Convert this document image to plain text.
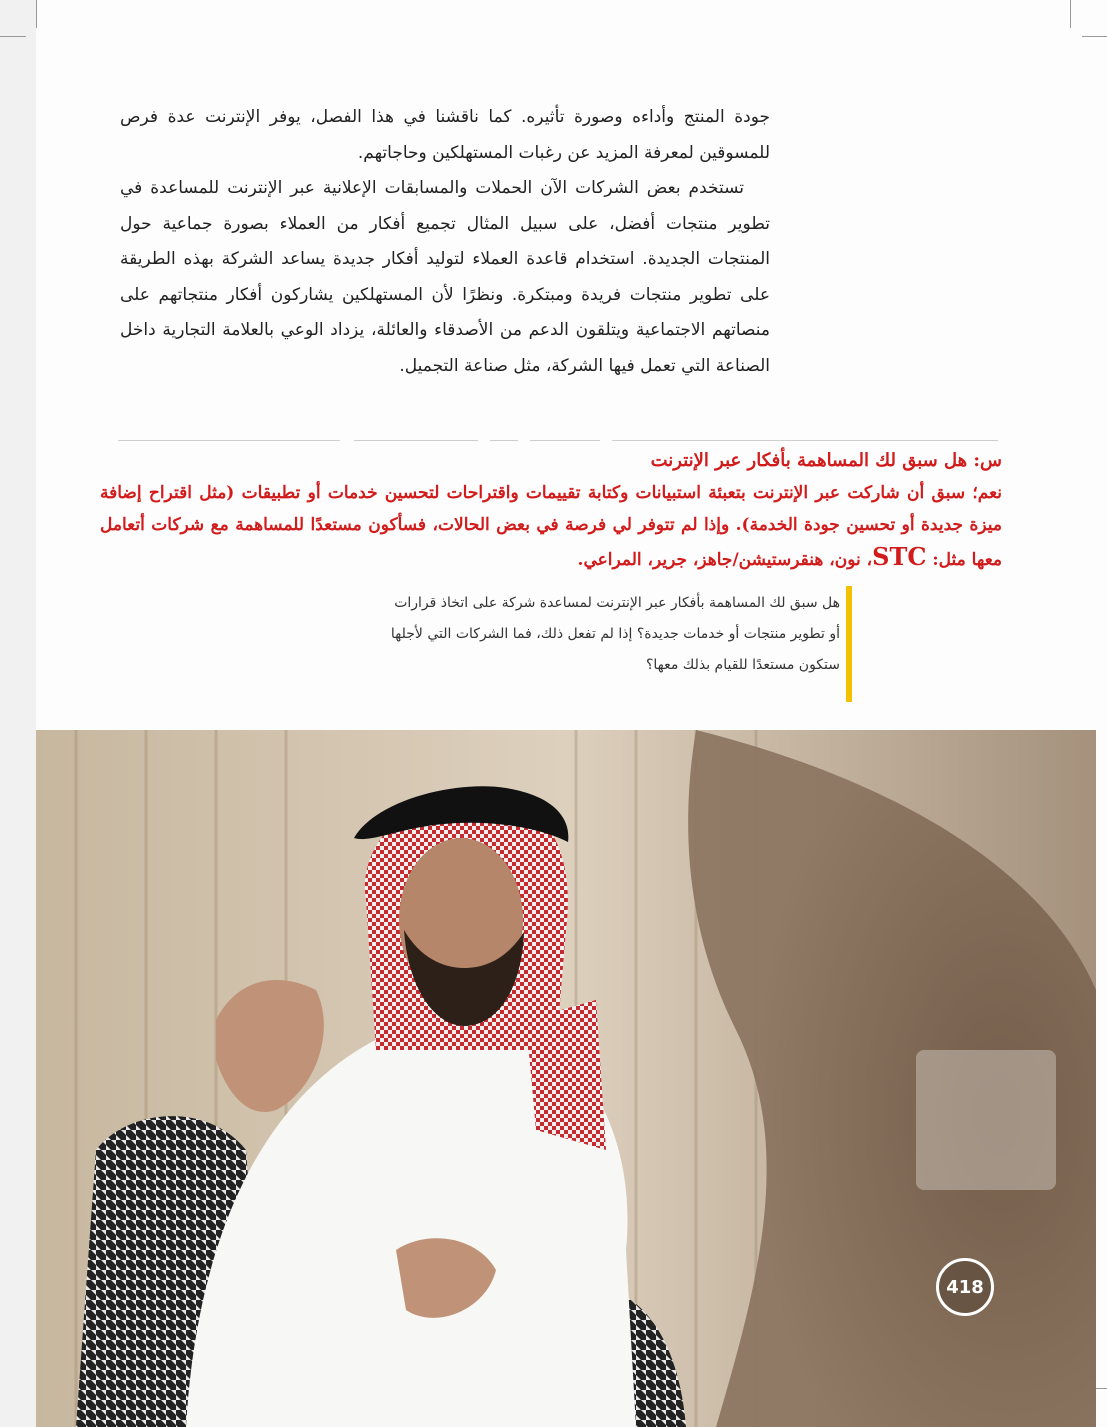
جودة المنتج وأداءه وصورة تأثيره. كما ناقشنا في هذا الفصل، يوفر الإنترنت عدة فرص للمسوقين لمعرفة المزيد عن رغبات المستهلكين وحاجاتهم.

تستخدم بعض الشركات الآن الحملات والمسابقات الإعلانية عبر الإنترنت للمساعدة في تطوير منتجات أفضل، على سبيل المثال تجميع أفكار من العملاء بصورة جماعية حول المنتجات الجديدة. استخدام قاعدة العملاء لتوليد أفكار جديدة يساعد الشركة بهذه الطريقة على تطوير منتجات فريدة ومبتكرة. ونظرًا لأن المستهلكين يشاركون أفكار منتجاتهم على منصاتهم الاجتماعية ويتلقون الدعم من الأصدقاء والعائلة، يزداد الوعي بالعلامة التجارية داخل الصناعة التي تعمل فيها الشركة، مثل صناعة التجميل.

س: هل سبق لك المساهمة بأفكار عبر الإنترنت
نعم؛ سبق أن شاركت عبر الإنترنت بتعبئة استبيانات وكتابة تقييمات واقتراحات لتحسين خدمات أو تطبيقات (مثل اقتراح إضافة ميزة جديدة أو تحسين جودة الخدمة). وإذا لم تتوفر لي فرصة في بعض الحالات، فسأكون مستعدًا للمساهمة مع شركات أتعامل معها مثل: STC، نون، هنقرستيشن/جاهز، جرير، المراعي.
هل سبق لك المساهمة بأفكار عبر الإنترنت لمساعدة شركة على اتخاذ قرارات
أو تطوير منتجات أو خدمات جديدة؟ إذا لم تفعل ذلك، فما الشركات التي لأجلها
ستكون مستعدًا للقيام بذلك معها؟
418
